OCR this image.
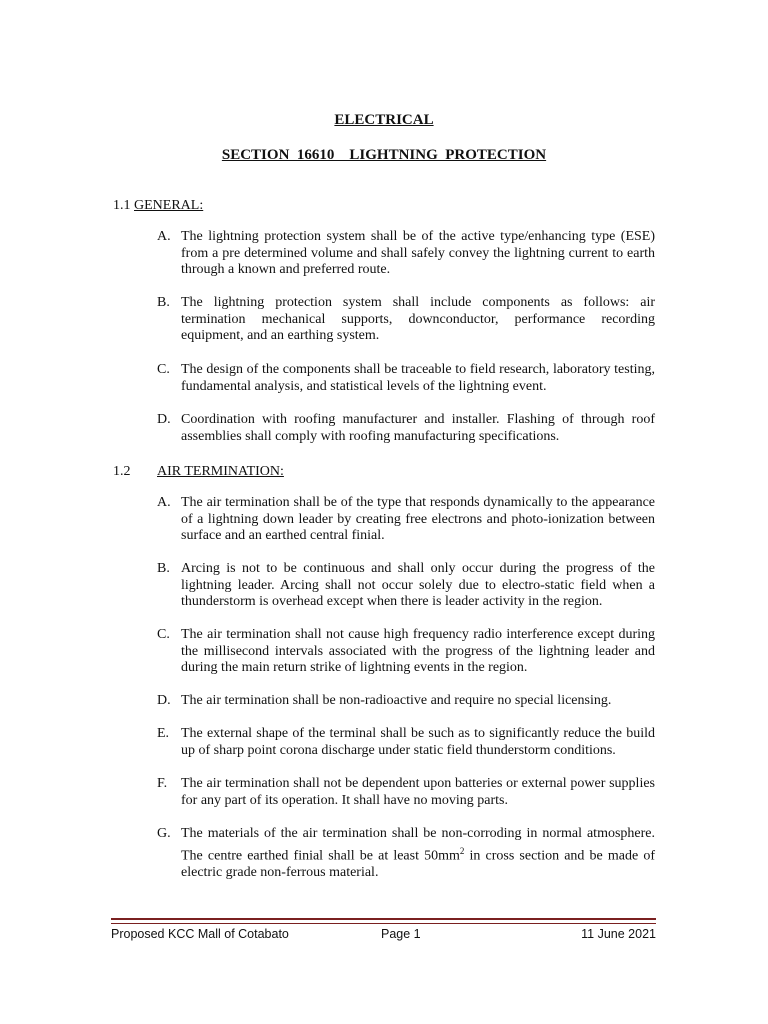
ELECTRICAL
SECTION  16610    LIGHTNING  PROTECTION
1.1 GENERAL:
A. The lightning protection system shall be of the active type/enhancing type (ESE) from a pre determined volume and shall safely convey the lightning current to earth through a known and preferred route.
B. The lightning protection system shall include components as follows: air termination mechanical supports, downconductor, performance recording equipment, and an earthing system.
C. The design of the components shall be traceable to field research, laboratory testing, fundamental analysis, and statistical levels of the lightning event.
D. Coordination with roofing manufacturer and installer. Flashing of through roof assemblies shall comply with roofing manufacturing specifications.
1.2 AIR TERMINATION:
A. The air termination shall be of the type that responds dynamically to the appearance of a lightning down leader by creating free electrons and photo-ionization between surface and an earthed central finial.
B. Arcing is not to be continuous and shall only occur during the progress of the lightning leader. Arcing shall not occur solely due to electro-static field when a thunderstorm is overhead except when there is leader activity in the region.
C. The air termination shall not cause high frequency radio interference except during the millisecond intervals associated with the progress of the lightning leader and during the main return strike of lightning events in the region.
D. The air termination shall be non-radioactive and require no special licensing.
E. The external shape of the terminal shall be such as to significantly reduce the build up of sharp point corona discharge under static field thunderstorm conditions.
F. The air termination shall not be dependent upon batteries or external power supplies for any part of its operation. It shall have no moving parts.
G. The materials of the air termination shall be non-corroding in normal atmosphere. The centre earthed finial shall be at least $50mm^2$ in cross section and be made of electric grade non-ferrous material.
Proposed KCC Mall of Cotabato	Page 1	11 June 2021
